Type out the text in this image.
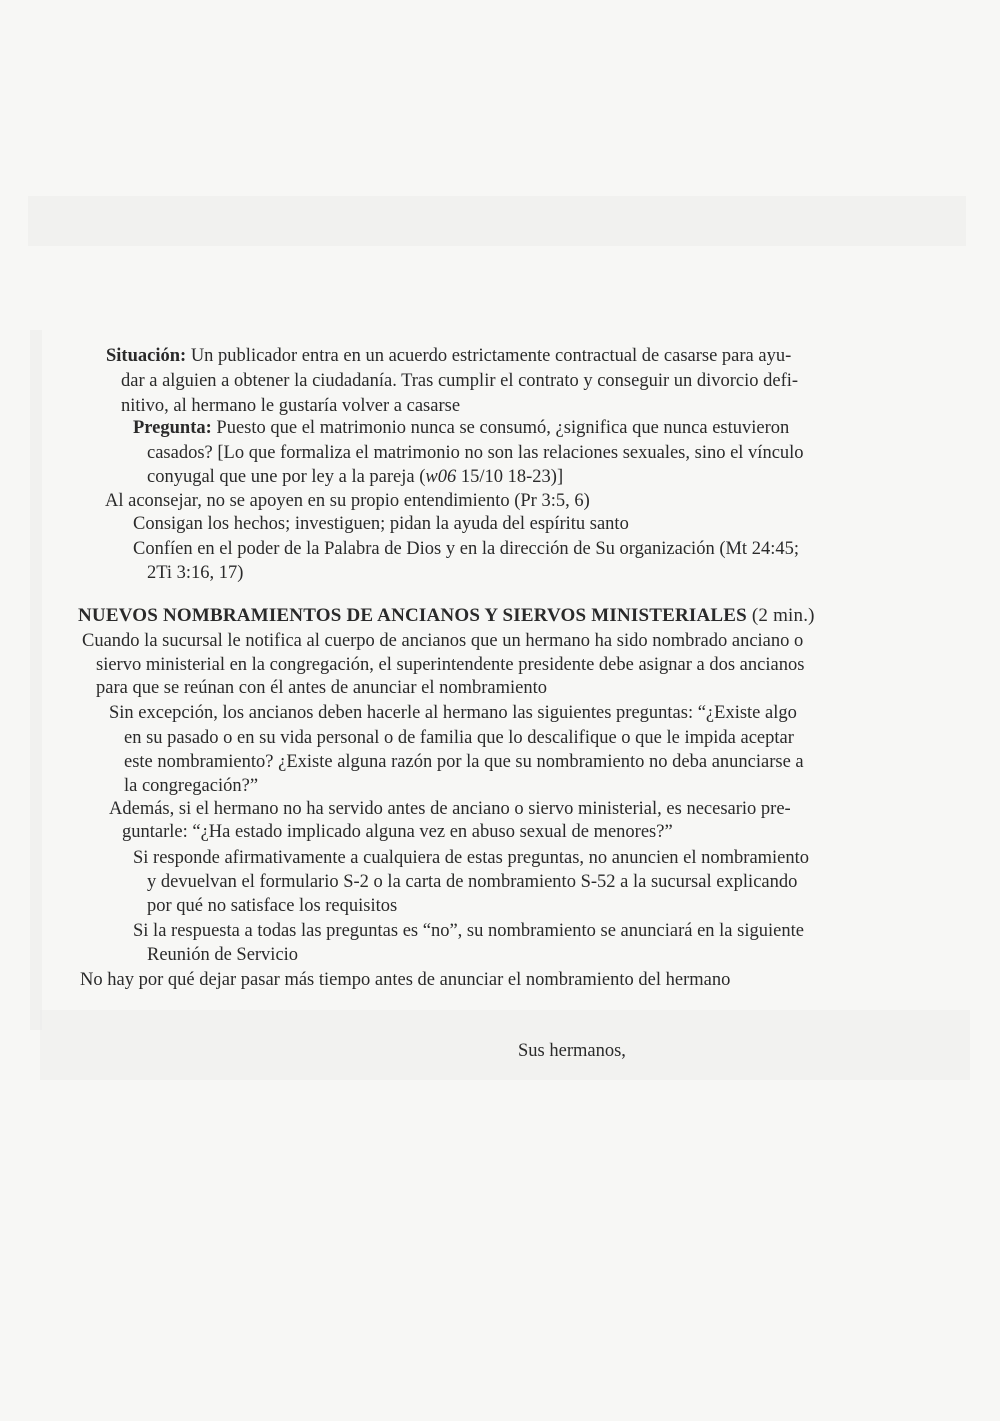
Situación: Un publicador entra en un acuerdo estrictamente contractual de casarse para ayu-
dar a alguien a obtener la ciudadanía. Tras cumplir el contrato y conseguir un divorcio defi-
nitivo, al hermano le gustaría volver a casarse
Pregunta: Puesto que el matrimonio nunca se consumó, ¿significa que nunca estuvieron
casados? [Lo que formaliza el matrimonio no son las relaciones sexuales, sino el vínculo
conyugal que une por ley a la pareja (w06 15/10 18-23)]
Al aconsejar, no se apoyen en su propio entendimiento (Pr 3:5, 6)
Consigan los hechos; investiguen; pidan la ayuda del espíritu santo
Confíen en el poder de la Palabra de Dios y en la dirección de Su organización (Mt 24:45;
2Ti 3:16, 17)
NUEVOS NOMBRAMIENTOS DE ANCIANOS Y SIERVOS MINISTERIALES (2 min.)
Cuando la sucursal le notifica al cuerpo de ancianos que un hermano ha sido nombrado anciano o
siervo ministerial en la congregación, el superintendente presidente debe asignar a dos ancianos
para que se reúnan con él antes de anunciar el nombramiento
Sin excepción, los ancianos deben hacerle al hermano las siguientes preguntas: “¿Existe algo
en su pasado o en su vida personal o de familia que lo descalifique o que le impida aceptar
este nombramiento? ¿Existe alguna razón por la que su nombramiento no deba anunciarse a
la congregación?”
Además, si el hermano no ha servido antes de anciano o siervo ministerial, es necesario pre-
guntarle: “¿Ha estado implicado alguna vez en abuso sexual de menores?”
Si responde afirmativamente a cualquiera de estas preguntas, no anuncien el nombramiento
y devuelvan el formulario S-2 o la carta de nombramiento S-52 a la sucursal explicando
por qué no satisface los requisitos
Si la respuesta a todas las preguntas es “no”, su nombramiento se anunciará en la siguiente
Reunión de Servicio
No hay por qué dejar pasar más tiempo antes de anunciar el nombramiento del hermano
Sus hermanos,
